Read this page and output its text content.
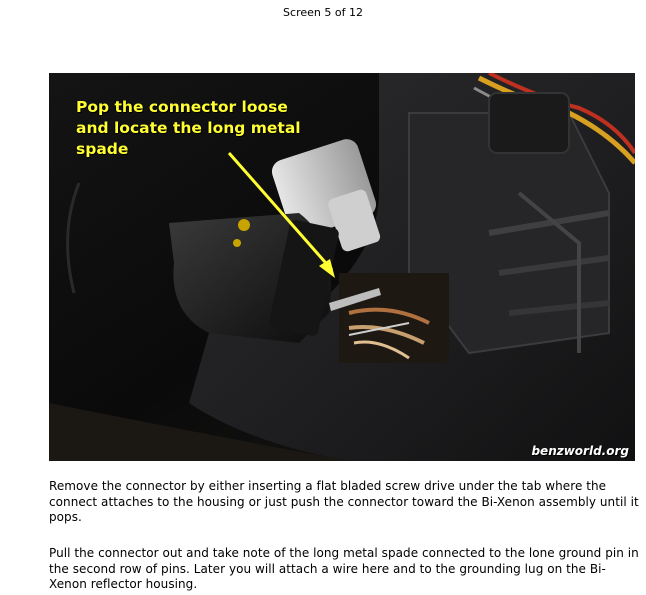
Screen 5 of 12
Pop the connector loose
and locate the long metal
spade
benzworld.org

Remove the connector by either inserting a flat bladed screw drive under the tab where the connect attaches to the housing or just push the connector toward the Bi-Xenon assembly until it pops.

Pull the connector out and take note of the long metal spade connected to the lone ground pin in the second row of pins. Later you will attach a wire here and to the grounding lug on the Bi-Xenon reflector housing.
